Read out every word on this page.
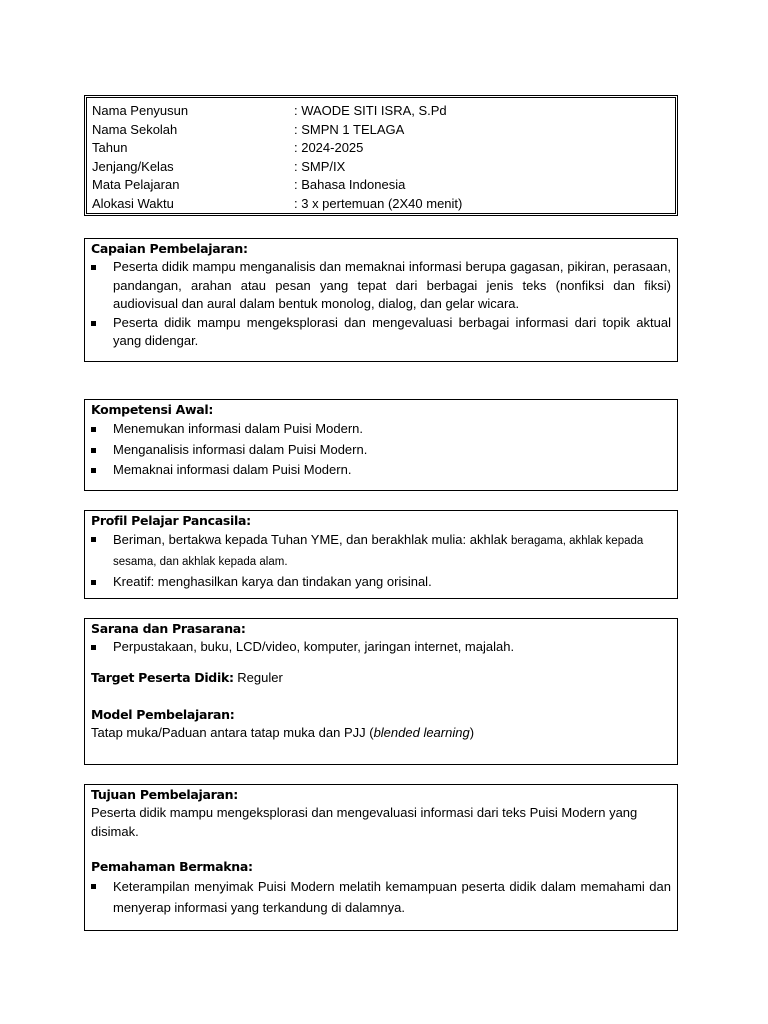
Nama Penyusun	: WAODE SITI ISRA, S.Pd
Nama Sekolah	: SMPN 1 TELAGA
Tahun	: 2024-2025
Jenjang/Kelas	: SMP/IX
Mata Pelajaran	: Bahasa Indonesia
Alokasi Waktu	: 3 x pertemuan (2X40 menit)
Capaian Pembelajaran:
Peserta didik mampu menganalisis dan memaknai informasi berupa gagasan, pikiran, perasaan, pandangan, arahan atau pesan yang tepat dari berbagai jenis teks (nonfiksi dan fiksi) audiovisual dan aural dalam bentuk monolog, dialog, dan gelar wicara.
Peserta didik mampu mengeksplorasi dan mengevaluasi berbagai informasi dari topik aktual yang didengar.
Kompetensi Awal:
Menemukan informasi dalam Puisi Modern.
Menganalisis informasi dalam Puisi Modern.
Memaknai informasi dalam Puisi Modern.
Profil Pelajar Pancasila:
Beriman, bertakwa kepada Tuhan YME, dan berakhlak mulia: akhlak beragama, akhlak kepada sesama, dan akhlak kepada alam.
Kreatif: menghasilkan karya dan tindakan yang orisinal.
Sarana dan Prasarana:
Perpustakaan, buku, LCD/video, komputer, jaringan internet, majalah.

Target Peserta Didik: Reguler

Model Pembelajaran:

Tatap muka/Paduan antara tatap muka dan PJJ (blended learning)

Tujuan Pembelajaran:

Peserta didik mampu mengeksplorasi dan mengevaluasi informasi dari teks Puisi Modern yang disimak.

Pemahaman Bermakna:
Keterampilan menyimak Puisi Modern melatih kemampuan peserta didik dalam memahami dan menyerap informasi yang terkandung di dalamnya.
